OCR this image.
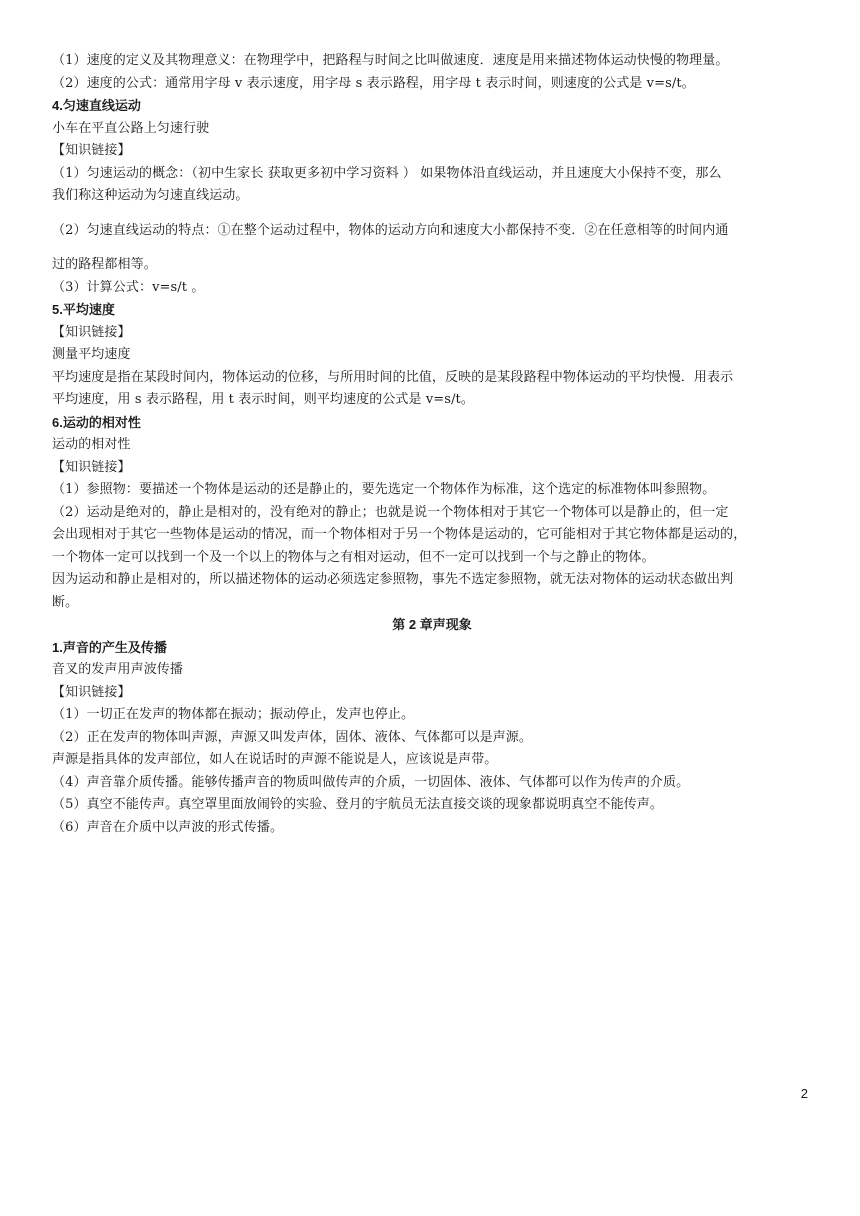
（1）速度的定义及其物理意义：在物理学中，把路程与时间之比叫做速度．速度是用来描述物体运动快慢的物理量。
（2）速度的公式：通常用字母 v 表示速度，用字母 s 表示路程，用字母 t 表示时间，则速度的公式是 v=s/t。
4.匀速直线运动
小车在平直公路上匀速行驶
【知识链接】
（1）匀速运动的概念：（初中生家长 获取更多初中学习资料 ） 如果物体沿直线运动，并且速度大小保持不变，那么
我们称这种运动为匀速直线运动。
（2）匀速直线运动的特点：①在整个运动过程中，物体的运动方向和速度大小都保持不变．②在任意相等的时间内通
过的路程都相等。
（3）计算公式：v=s/t 。
5.平均速度
【知识链接】
测量平均速度
平均速度是指在某段时间内，物体运动的位移，与所用时间的比值，反映的是某段路程中物体运动的平均快慢．用表示
平均速度，用 s 表示路程，用 t 表示时间，则平均速度的公式是 v=s/t。
6.运动的相对性
运动的相对性
【知识链接】
（1）参照物：要描述一个物体是运动的还是静止的，要先选定一个物体作为标准，这个选定的标准物体叫参照物。
（2）运动是绝对的，静止是相对的，没有绝对的静止；也就是说一个物体相对于其它一个物体可以是静止的，但一定
会出现相对于其它一些物体是运动的情况，而一个物体相对于另一个物体是运动的，它可能相对于其它物体都是运动的，
一个物体一定可以找到一个及一个以上的物体与之有相对运动，但不一定可以找到一个与之静止的物体。
因为运动和静止是相对的，所以描述物体的运动必须选定参照物，事先不选定参照物，就无法对物体的运动状态做出判
断。
第 2 章声现象
1.声音的产生及传播
音叉的发声用声波传播
【知识链接】
（1）一切正在发声的物体都在振动；振动停止，发声也停止。
（2）正在发声的物体叫声源，声源又叫发声体，固体、液体、气体都可以是声源。
声源是指具体的发声部位，如人在说话时的声源不能说是人，应该说是声带。
（4）声音靠介质传播。能够传播声音的物质叫做传声的介质，一切固体、液体、气体都可以作为传声的介质。
（5）真空不能传声。真空罩里面放闹铃的实验、登月的宇航员无法直接交谈的现象都说明真空不能传声。
（6）声音在介质中以声波的形式传播。
2
